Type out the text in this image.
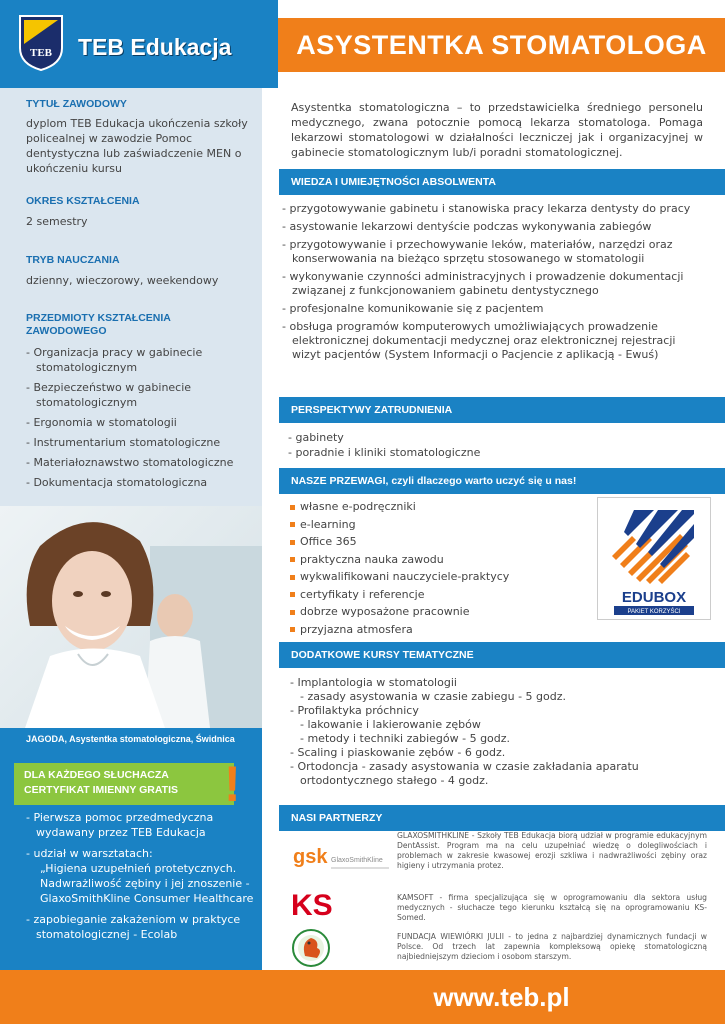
TEB TEB Edukacja	ASYSTENTKA STOMATOLOGA
TYTUŁ ZAWODOWY
dyplom TEB Edukacja ukończenia szkoły policealnej w zawodzie Pomoc dentystyczna lub zaświadczenie MEN o ukończeniu kursu
OKRES KSZTAŁCENIA
2 semestry
TRYB NAUCZANIA
dzienny, wieczorowy, weekendowy
PRZEDMIOTY KSZTAŁCENIA ZAWODOWEGO
- Organizacja pracy w gabinecie stomatologicznym
- Bezpieczeństwo w gabinecie stomatologicznym
- Ergonomia w stomatologii
- Instrumentarium stomatologiczne
- Materiałoznawstwo stomatologiczne
- Dokumentacja stomatologiczna
JAGODA, Asystentka stomatologiczna, Świdnica
DLA KAŻDEGO SŁUCHACZA CERTYFIKAT IMIENNY GRATIS !
- Pierwsza pomoc przedmedyczna wydawany przez TEB Edukacja
- udział w warsztatach:
„Higiena uzupełnień protetycznych. Nadwrażliwość zębiny i jej znoszenie - GlaxoSmithKline Consumer Healthcare
- zapobieganie zakażeniom w praktyce stomatologicznej - Ecolab
Asystentka stomatologiczna – to przedstawicielka średniego personelu medycznego, zwana potocznie pomocą lekarza stomatologa. Pomaga lekarzowi stomatologowi w działalności leczniczej jak i organizacyjnej w gabinecie stomatologicznym lub/i poradni stomatologicznej.
WIEDZA I UMIEJĘTNOŚCI ABSOLWENTA
- przygotowywanie gabinetu i stanowiska pracy lekarza dentysty do pracy
- asystowanie lekarzowi dentyście podczas wykonywania zabiegów
- przygotowywanie i przechowywanie leków, materiałów, narzędzi oraz konserwowania na bieżąco sprzętu stosowanego w stomatologii
- wykonywanie czynności administracyjnych i prowadzenie dokumentacji związanej z funkcjonowaniem gabinetu dentystycznego
- profesjonalne komunikowanie się z pacjentem
- obsługa programów komputerowych umożliwiających prowadzenie elektronicznej dokumentacji medycznej oraz elektronicznej rejestracji wizyt pacjentów (System Informacji o Pacjencie z aplikacją - Ewuś)
PERSPEKTYWY ZATRUDNIENIA
- gabinety
- poradnie i kliniki stomatologiczne
NASZE PRZEWAGI, czyli dlaczego warto uczyć się u nas!
własne e-podręczniki
e-learning
Office 365
praktyczna nauka zawodu
wykwalifikowani nauczyciele-praktycy
certyfikaty i referencje
dobrze wyposażone pracownie
przyjazna atmosfera
EDUBOX
PAKIET KORZYŚCI
DODATKOWE KURSY TEMATYCZNE
- Implantologia w stomatologii
- zasady asystowania w czasie zabiegu - 5 godz.
- Profilaktyka próchnicy
- lakowanie i lakierowanie zębów
- metody i techniki zabiegów - 5 godz.
- Scaling i piaskowanie zębów - 6 godz.
- Ortodoncja - zasady asystowania w czasie zakładania aparatu
ortodontycznego stałego - 4 godz.
NASI PARTNERZY
gsk GlaxoSmithKline
KS
GLAXOSMITHKLINE - Szkoły TEB Edukacja biorą udział w programie edukacyjnym DentAssist. Program ma na celu uzupełniać wiedzę o dolegliwościach i problemach w zakresie kwasowej erozji szkliwa i nadwrażliwości zębiny oraz higieny i utrzymania protez.
KAMSOFT - firma specjalizująca się w oprogramowaniu dla sektora usług medycznych - słuchacze tego kierunku kształcą się na oprogramowaniu KS-Somed.
FUNDACJA WIEWIÓRKI JULII - to jedna z najbardziej dynamicznych fundacji w Polsce. Od trzech lat zapewnia kompleksową opiekę stomatologiczną najbiedniejszym dzieciom i osobom starszym.
www.teb.pl
